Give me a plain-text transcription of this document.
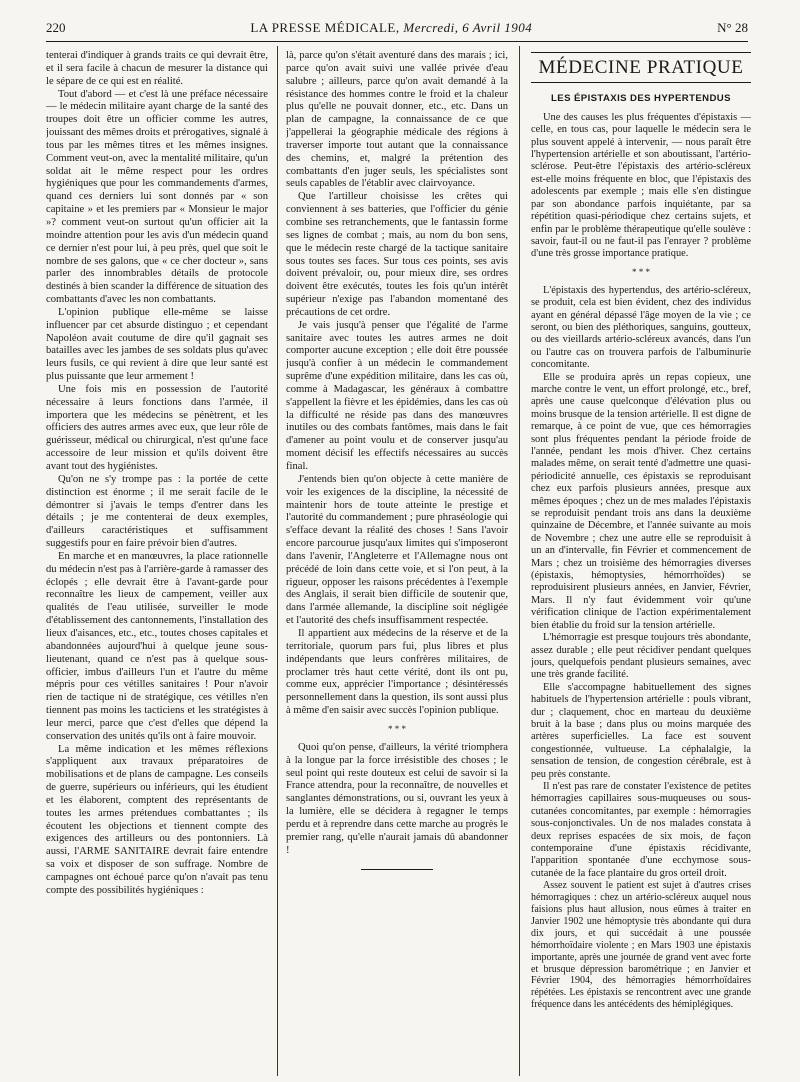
220	LA PRESSE MÉDICALE, Mercredi, 6 Avril 1904	N° 28

tenterai d'indiquer à grands traits ce qui devrait être, et il sera facile à chacun de mesurer la distance qui le sépare de ce qui est en réalité.

Tout d'abord — et c'est là une préface nécessaire — le médecin militaire ayant charge de la santé des troupes doit être un officier comme les autres, jouissant des mêmes droits et prérogatives, signalé à tous par les mêmes titres et les mêmes insignes. Comment veut-on, avec la mentalité militaire, qu'un soldat ait le même respect pour les ordres hygiéniques que pour les commandements d'armes, quand ces derniers lui sont donnés par « son capitaine » et les premiers par « Monsieur le major »? comment veut-on surtout qu'un officier ait la moindre attention pour les avis d'un médecin quand ce dernier n'est pour lui, à peu près, quel que soit le nombre de ses galons, que « ce cher docteur », sans parler des innombrables détails de protocole destinés à bien scander la différence de situation des combattants d'avec les non combattants.

L'opinion publique elle-même se laisse influencer par cet absurde distinguo ; et cependant Napoléon avait coutume de dire qu'il gagnait ses batailles avec les jambes de ses soldats plus qu'avec leurs fusils, ce qui revient à dire que leur santé est plus puissante que leur armement !

Une fois mis en possession de l'autorité nécessaire à leurs fonctions dans l'armée, il importera que les médecins se pénètrent, et les officiers des autres armes avec eux, que leur rôle de guérisseur, médical ou chirurgical, n'est qu'une face accessoire de leur mission et qu'ils doivent être avant tout des hygiénistes.

Qu'on ne s'y trompe pas : la portée de cette distinction est énorme ; il me serait facile de le démontrer si j'avais le temps d'entrer dans les détails ; je me contenterai de deux exemples, d'ailleurs caractéristiques et suffisamment suggestifs pour en faire prévoir bien d'autres.

En marche et en manœuvres, la place rationnelle du médecin n'est pas à l'arrière-garde à ramasser des éclopés ; elle devrait être à l'avant-garde pour reconnaître les lieux de campement, veiller aux qualités de l'eau utilisée, surveiller le mode d'établissement des cantonnements, l'installation des lieux d'aisances, etc., etc., toutes choses capitales et abandonnées aujourd'hui à quelque jeune sous-lieutenant, quand ce n'est pas à quelque sous-officier, imbus d'ailleurs l'un et l'autre du même mépris pour ces vétilles sanitaires ! Pour n'avoir rien de tactique ni de stratégique, ces vétilles n'en tiennent pas moins les tacticiens et les stratégistes à leur merci, parce que c'est d'elles que dépend la conservation des unités qu'ils ont à faire mouvoir.

La même indication et les mêmes réflexions s'appliquent aux travaux préparatoires de mobilisations et de plans de campagne. Les conseils de guerre, supérieurs ou inférieurs, qui les étudient et les élaborent, comptent des représentants de toutes les armes prétendues combattantes ; ils écoutent les objections et tiennent compte des exigences des artilleurs ou des pontonniers. Là aussi, l'ARME SANITAIRE devrait faire entendre sa voix et disposer de son suffrage. Nombre de campagnes ont échoué parce qu'on n'avait pas tenu compte des possibilités hygiéniques :

là, parce qu'on s'était aventuré dans des marais ; ici, parce qu'on avait suivi une vallée privée d'eau salubre ; ailleurs, parce qu'on avait demandé à la résistance des hommes contre le froid et la chaleur plus qu'elle ne pouvait donner, etc., etc. Dans un plan de campagne, la connaissance de ce que j'appellerai la géographie médicale des régions à traverser importe tout autant que la connaissance des chemins, et, malgré la prétention des combattants d'en juger seuls, les spécialistes sont seuls capables de l'établir avec clairvoyance.

Que l'artilleur choisisse les crêtes qui conviennent à ses batteries, que l'officier du génie combine ses retranchements, que le fantassin forme ses lignes de combat ; mais, au nom du bon sens, que le médecin reste chargé de la tactique sanitaire sous toutes ses faces. Sur tous ces points, ses avis doivent prévaloir, ou, pour mieux dire, ses ordres doivent être exécutés, toutes les fois qu'un intérêt supérieur n'exige pas l'abandon momentané des précautions de cet ordre.

Je vais jusqu'à penser que l'égalité de l'arme sanitaire avec toutes les autres armes ne doit comporter aucune exception ; elle doit être poussée jusqu'à confier à un médecin le commandement suprême d'une expédition militaire, dans les cas où, comme à Madagascar, les généraux à combattre s'appellent la fièvre et les épidémies, dans les cas où la difficulté ne réside pas dans des manœuvres inutiles ou des combats fantômes, mais dans le fait d'amener au point voulu et de conserver jusqu'au moment décisif les effectifs nécessaires au succès final.

J'entends bien qu'on objecte à cette manière de voir les exigences de la discipline, la nécessité de maintenir hors de toute atteinte le prestige et l'autorité du commandement ; pure phraséologie qui s'efface devant la réalité des choses ! Sans l'avoir encore parcourue jusqu'aux limites qui s'imposeront dans l'avenir, l'Angleterre et l'Allemagne nous ont précédé de loin dans cette voie, et si l'on peut, à la rigueur, opposer les raisons précédentes à l'exemple des Anglais, il serait bien difficile de soutenir que, dans l'armée allemande, la discipline soit négligée et l'autorité des chefs insuffisamment respectée.

Il appartient aux médecins de la réserve et de la territoriale, quorum pars fui, plus libres et plus indépendants que leurs confrères militaires, de proclamer très haut cette vérité, dont ils ont pu, comme eux, apprécier l'importance ; désintéressés personnellement dans la question, ils sont aussi plus à même d'en saisir avec succès l'opinion publique.

* * *

Quoi qu'on pense, d'ailleurs, la vérité triomphera à la longue par la force irrésistible des choses ; le seul point qui reste douteux est celui de savoir si la France attendra, pour la reconnaître, de nouvelles et sanglantes démonstrations, ou si, ouvrant les yeux à la lumière, elle se décidera à regagner le temps perdu et à reprendre dans cette marche au progrès le premier rang, qu'elle n'aurait jamais dû abandonner !

MÉDECINE PRATIQUE
LES ÉPISTAXIS DES HYPERTENDUS

Une des causes les plus fréquentes d'épistaxis — celle, en tous cas, pour laquelle le médecin sera le plus souvent appelé à intervenir, — nous paraît être l'hypertension artérielle et son aboutissant, l'artério-sclérose. Peut-être l'épistaxis des artério-scléreux est-elle moins fréquente en bloc, que l'épistaxis des adolescents par exemple ; mais elle s'en distingue par son abondance parfois inquiétante, par sa répétition quasi-périodique chez certains sujets, et enfin par le problème thérapeutique qu'elle soulève : savoir, faut-il ou ne faut-il pas l'enrayer ? problème d'une très grosse importance pratique.

* * *

L'épistaxis des hypertendus, des artério-scléreux, se produit, cela est bien évident, chez des individus ayant en général dépassé l'âge moyen de la vie ; ce seront, ou bien des pléthoriques, sanguins, goutteux, ou des vieillards artério-scléreux avancés, dans l'un ou l'autre cas on trouvera parfois de l'albuminurie concomitante.

Elle se produira après un repas copieux, une marche contre le vent, un effort prolongé, etc., bref, après une cause quelconque d'élévation plus ou moins brusque de la tension artérielle. Il est digne de remarque, à ce point de vue, que ces hémorragies sont plus fréquentes pendant la période froide de l'année, pendant les mois d'hiver. Chez certains malades même, on serait tenté d'admettre une quasi-périodicité annuelle, ces épistaxis se reproduisant chez eux parfois plusieurs années, presque aux mêmes époques ; chez un de mes malades l'épistaxis se reproduisit pendant trois ans dans la deuxième quinzaine de Décembre, et l'année suivante au mois de Novembre ; chez une autre elle se reproduisit à un an d'intervalle, fin Février et commencement de Mars ; chez un troisième des hémorragies diverses (épistaxis, hémoptysies, hémorrhoïdes) se reproduisirent plusieurs années, en Janvier, Février, Mars. Il n'y faut évidemment voir qu'une vérification clinique de l'action expérimentalement bien établie du froid sur la tension artérielle.

L'hémorragie est presque toujours très abondante, assez durable ; elle peut récidiver pendant quelques jours, quelquefois pendant plusieurs semaines, avec une très grande facilité.

Elle s'accompagne habituellement des signes habituels de l'hypertension artérielle : pouls vibrant, dur ; claquement, choc en marteau du deuxième bruit à la base ; dans plus ou moins marquée des artères superficielles. La face est souvent congestionnée, vultueuse. La céphalalgie, la sensation de tension, de congestion cérébrale, est à peu près constante.

Il n'est pas rare de constater l'existence de petites hémorragies capillaires sous-muqueuses ou sous-cutanées concomitantes, par exemple : hémorragies sous-conjonctivales. Un de nos malades constata à deux reprises espacées de six mois, de façon contemporaine d'une épistaxis récidivante, l'apparition spontanée d'une ecchymose sous-cutanée de la face plantaire du gros orteil droit.

Assez souvent le patient est sujet à d'autres crises hémorragiques : chez un artério-scléreux auquel nous faisions plus haut allusion, nous eûmes à traiter en Janvier 1902 une hémoptysie très abondante qui dura dix jours, et qui succédait à une poussée hémorrhoïdaire violente ; en Mars 1903 une épistaxis importante, après une journée de grand vent avec forte et brusque dépression barométrique ; en Janvier et Février 1904, des hémorragies hémorrhoïdaires répétées. Les épistaxis se rencontrent avec une grande fréquence dans les antécédents des hémiplégiques.
